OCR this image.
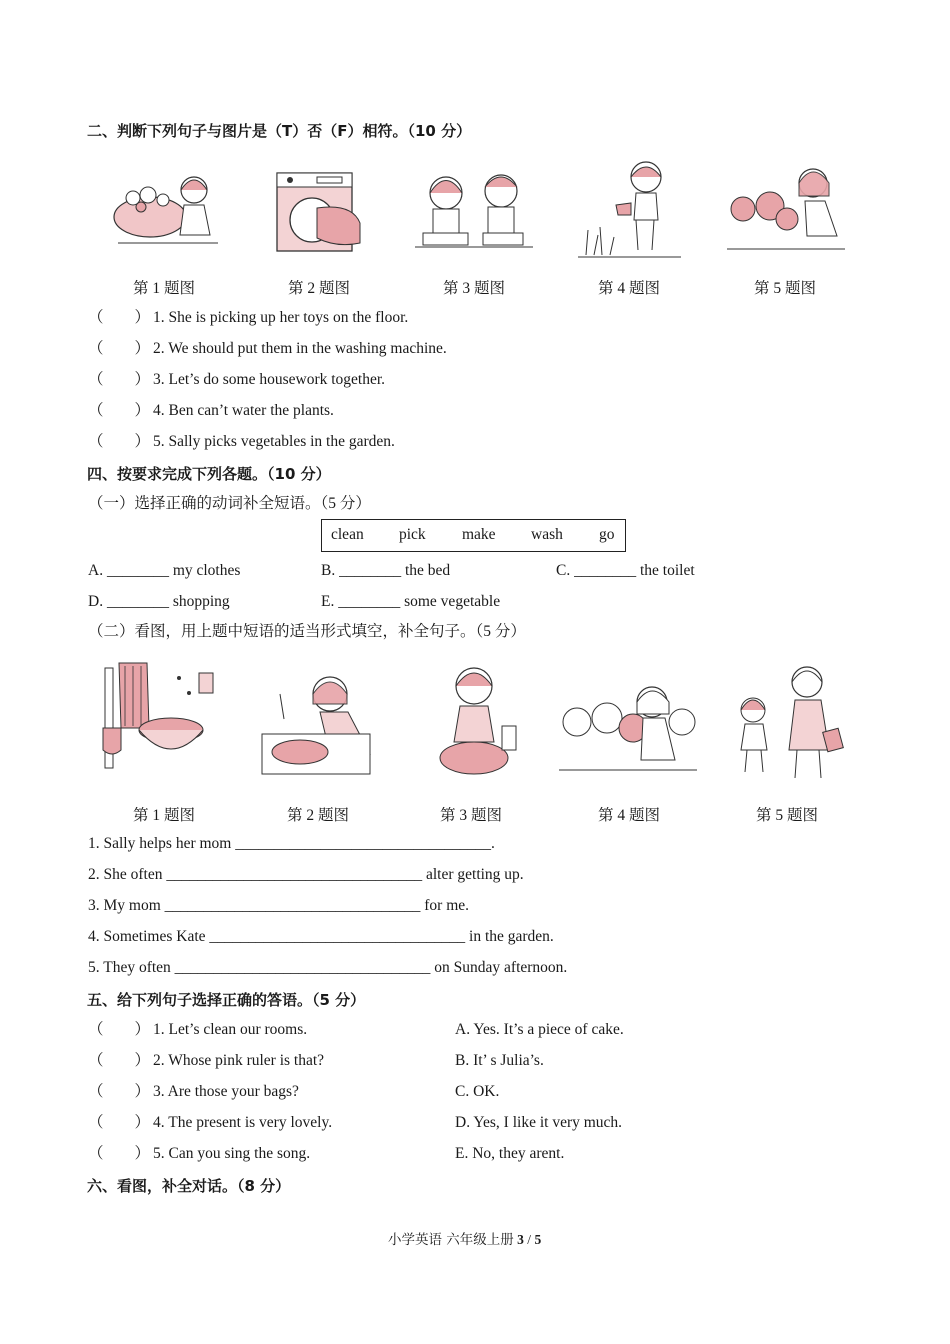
二、判断下列句子与图片是（T）否（F）相符。（10 分）
第 1 题图	第 2 题图	第 3 题图	第 4 题图	第 5 题图
（　　） 1. She is picking up her toys on the floor.
（　　） 2. We should put them in the washing machine.
（　　） 3. Let’s do some housework together.
（　　） 4. Ben can’t water the plants.
（　　） 5. Sally picks vegetables in the garden.
四、按要求完成下列各题。（10 分）
（一）选择正确的动词补全短语。（5 分）
clean pick make wash go
A. ________ my clothes	B. ________ the bed	C. ________ the toilet
D. ________ shopping	E. ________ some vegetable
（二）看图，用上题中短语的适当形式填空，补全句子。（5 分）
第 1 题图	第 2 题图	第 3 题图	第 4 题图	第 5 题图
1. Sally helps her mom _________________________________.
2. She often _________________________________ alter getting up.
3. My mom _________________________________ for me.
4. Sometimes Kate _________________________________ in the garden.
5. They often _________________________________ on Sunday afternoon.
五、给下列句子选择正确的答语。（5 分）
（　　） 1. Let’s clean our rooms.	A. Yes. It’s a piece of cake.
（　　） 2. Whose pink ruler is that?	B. It’ s Julia’s.
（　　） 3. Are those your bags?	C. OK.
（　　） 4. The present is very lovely.	D. Yes, I like it very much.
（　　） 5. Can you sing the song.	E. No, they arent.
六、看图，补全对话。（8 分）
小学英语 六年级上册 3 / 5
